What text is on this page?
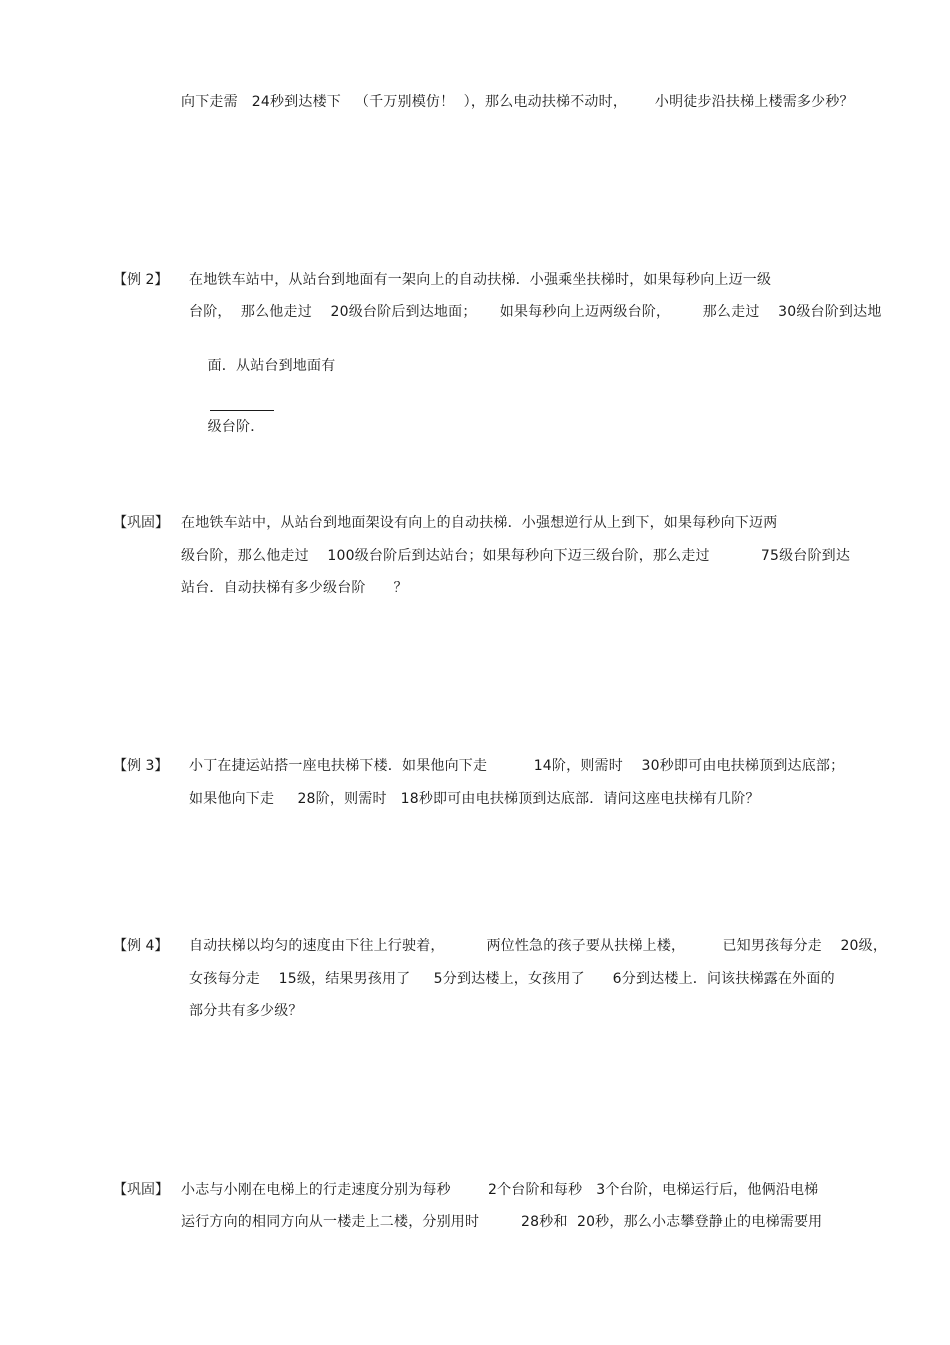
向下走需   24秒到达楼下   （千万别模仿！  ），那么电动扶梯不动时，      小明徒步沿扶梯上楼需多少秒？
【例 2】 在地铁车站中，从站台到地面有一架向上的自动扶梯．小强乘坐扶梯时，如果每秒向上迈一级
台阶，  那么他走过    20级台阶后到达地面；     如果每秒向上迈两级台阶，       那么走过    30级台阶到达地

面．从站台到地面有

级台阶．

【巩固】 在地铁车站中，从站台到地面架设有向上的自动扶梯．小强想逆行从上到下，如果每秒向下迈两
级台阶，那么他走过    100级台阶后到达站台；如果每秒向下迈三级台阶，那么走过           75级台阶到达
站台．自动扶梯有多少级台阶      ？
【例 3】 小丁在捷运站搭一座电扶梯下楼．如果他向下走          14阶，则需时    30秒即可由电扶梯顶到达底部；
如果他向下走     28阶，则需时   18秒即可由电扶梯顶到达底部．请问这座电扶梯有几阶？
【例 4】 自动扶梯以均匀的速度由下往上行驶着，         两位性急的孩子要从扶梯上楼，        已知男孩每分走    20级，
女孩每分走    15级，结果男孩用了     5分到达楼上，女孩用了      6分到达楼上．问该扶梯露在外面的
部分共有多少级？
【巩固】 小志与小刚在电梯上的行走速度分别为每秒        2个台阶和每秒   3个台阶，电梯运行后，他俩沿电梯
运行方向的相同方向从一楼走上二楼，分别用时         28秒和  20秒，那么小志攀登静止的电梯需要用
